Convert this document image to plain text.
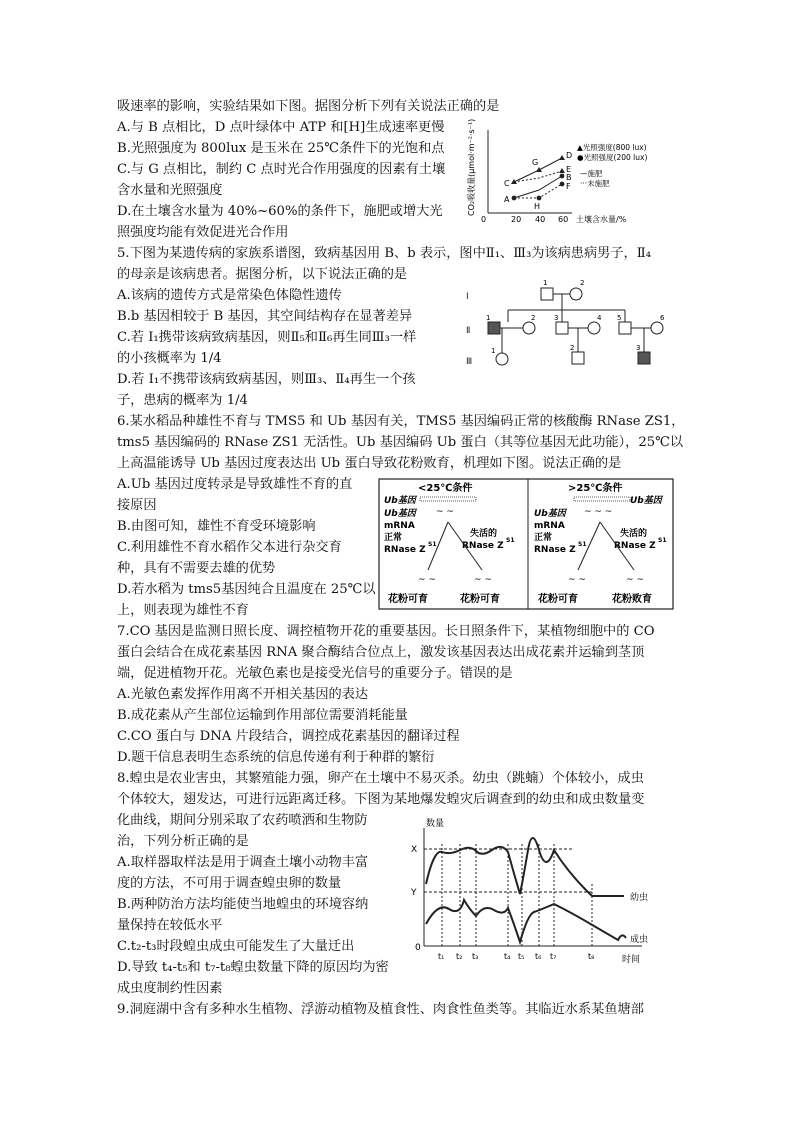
吸速率的影响，实验结果如下图。据图分析下列有关说法正确的是
A.与 B 点相比，D 点叶绿体中 ATP 和[H]生成速率更慢
B.光照强度为 800lux 是玉米在 25℃条件下的光饱和点
C.与 G 点相比，制约 C 点时光合作用强度的因素有土壤
含水量和光照强度
D.在土壤含水量为 40%~60%的条件下，施肥或增大光
照强度均能有效促进光合作用
CO₂吸收量(μmol·m⁻²·s⁻¹)
0	20 40 60 土壤含水量/%
A
C
G
H
D
E
B
F
▲光照强度(800 lux)
●光照强度(200 lux)
—施肥
···未施肥
5.下图为某遗传病的家族系谱图，致病基因用 B、b 表示，图中Ⅱ₁、Ⅲ₃为该病患病男子，Ⅱ₄
的母亲是该病患者。据图分析，以下说法正确的是
A.该病的遗传方式是常染色体隐性遗传
B.b 基因相较于 B 基因，其空间结构存在显著差异
C.若 I₁携带该病致病基因，则Ⅱ₅和Ⅱ₆再生同Ⅲ₃一样
的小孩概率为 1/4
D.若 I₁不携带该病致病基因，则Ⅲ₃、Ⅱ₄再生一个孩
子，患病的概率为 1/4
Ⅰ
Ⅱ
Ⅲ
1	2
1	2	3	4 5	6
1	2	3
6.某水稻品种雄性不育与 TMS5 和 Ub 基因有关，TMS5 基因编码正常的核酸酶 RNase ZS1，
tms5 基因编码的 RNase ZS1 无活性。Ub 基因编码 Ub 蛋白（其等位基因无此功能），25℃以
上高温能诱导 Ub 基因过度表达出 Ub 蛋白导致花粉败育，机理如下图。说法正确的是
A.Ub 基因过度转录是导致雄性不育的直
接原因
B.由图可知，雄性不育受环境影响
C.利用雄性不育水稻作父本进行杂交育
种，具有不需要去雄的优势
D.若水稻为 tms5基因纯合且温度在 25℃以
上，则表现为雄性不育
<25℃条件
Ub基因
Ub基因
mRNA
~ ~
正常
RNase Z
S1
失活的
RNase Z
S1
~ ~	~ ~
花粉可育	花粉可育
>25℃条件
Ub基因
Ub基因
mRNA
~ ~ ~
正常
RNase Z
S1
失活的
RNase Z
S1
~ ~	~ ~
花粉可育	花粉败育
7.CO 基因是监测日照长度、调控植物开花的重要基因。长日照条件下，某植物细胞中的 CO
蛋白会结合在成花素基因 RNA 聚合酶结合位点上，激发该基因表达出成花素并运输到茎顶
端，促进植物开花。光敏色素也是接受光信号的重要分子。错误的是
A.光敏色素发挥作用离不开相关基因的表达
B.成花素从产生部位运输到作用部位需要消耗能量
C.CO 蛋白与 DNA 片段结合，调控成花素基因的翻译过程
D.题干信息表明生态系统的信息传递有利于种群的繁衍
8.蝗虫是农业害虫，其繁殖能力强，卵产在土壤中不易灭杀。幼虫（跳蝻）个体较小，成虫
个体较大，翅发达，可进行远距离迁移。下图为某地爆发蝗灾后调查到的幼虫和成虫数量变
化曲线，期间分别采取了农药喷洒和生物防
治，下列分析正确的是
A.取样器取样法是用于调查土壤小动物丰富
度的方法，不可用于调查蝗虫卵的数量
B.两种防治方法均能使当地蝗虫的环境容纳
量保持在较低水平
C.t₂-t₃时段蝗虫成虫可能发生了大量迁出
D.导致 t₄-t₅和 t₇-t₈蝗虫数量下降的原因均为密
成虫度制约性因素
数量
0
时间
X
Y	幼虫
成虫
t₁ t₂ t₃	t₄ t₅ t₆ t₇	t₈
9.洞庭湖中含有多种水生植物、浮游动植物及植食性、肉食性鱼类等。其临近水系某鱼塘部
